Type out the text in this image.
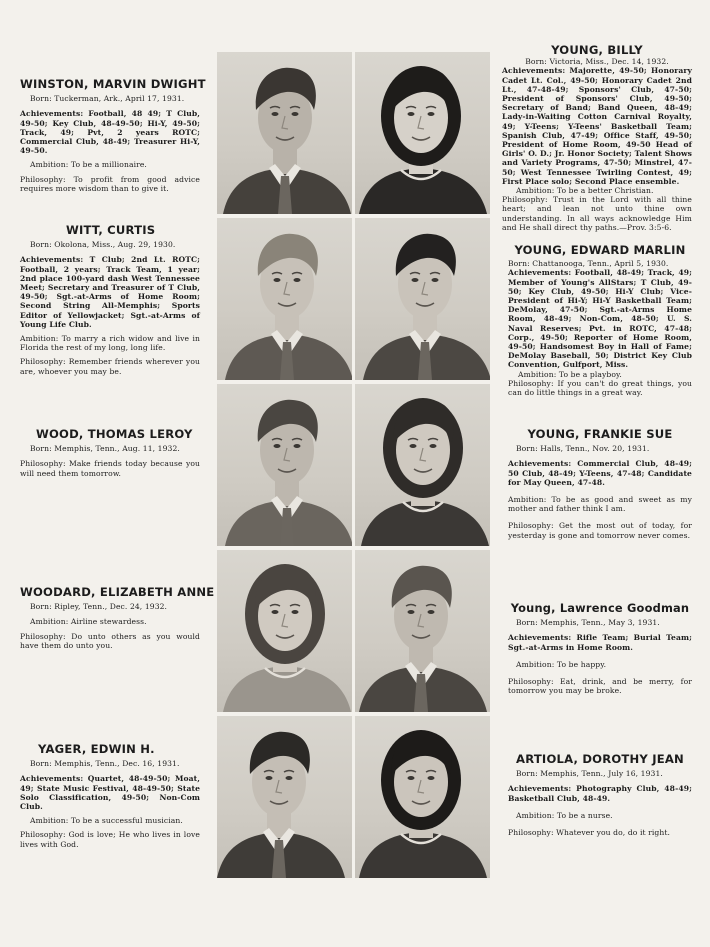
WINSTON, MARVIN DWIGHT

Born: Tuckerman, Ark., April 17, 1931.

Achievements: Football, 48 49; T Club, 49-50; Key Club, 48-49-50; Hi-Y, 49-50; Track, 49; Pvt, 2 years ROTC; Commercial Club, 48-49; Treasurer Hi-Y, 49-50.

Ambition: To be a millionaire.

Philosophy: To profit from good advice requires more wisdom than to give it.

WITT, CURTIS

Born: Okolona, Miss., Aug. 29, 1930.

Achievements: T Club; 2nd Lt. ROTC; Football, 2 years; Track Team, 1 year; 2nd place 100-yard dash West Tennessee Meet; Secretary and Treasurer of T Club, 49-50; Sgt.-at-Arms of Home Room; Second String All-Memphis; Sports Editor of Yellowjacket; Sgt.-at-Arms of Young Life Club.

Ambition: To marry a rich widow and live in Florida the rest of my long, long life.

Philosophy: Remember friends wherever you are, whoever you may be.

WOOD, THOMAS LEROY

Born: Memphis, Tenn., Aug. 11, 1932.

Philosophy: Make friends today because you will need them tomorrow.

WOODARD, ELIZABETH ANNE

Born: Ripley, Tenn., Dec. 24, 1932.

Ambition: Airline stewardess.

Philosophy: Do unto others as you would have them do unto you.

YAGER, EDWIN H.

Born: Memphis, Tenn., Dec. 16, 1931.

Achievements: Quartet, 48-49-50; Moat, 49; State Music Festival, 48-49-50; State Solo Classification, 49-50; Non-Com Club.

Ambition: To be a successful musician.

Philosophy: God is love; He who lives in love lives with God.

YOUNG, BILLY

Born: Victoria, Miss., Dec. 14, 1932.

Achievements: Majorette, 49-50; Honorary Cadet Lt. Col., 49-50; Honorary Cadet 2nd Lt., 47-48-49; Sponsors' Club, 47-50; President of Sponsors' Club, 49-50; Secretary of Band; Band Queen, 48-49; Lady-in-Waiting Cotton Carnival Royalty, 49; Y-Teens; Y-Teens' Basketball Team; Spanish Club, 47-49; Office Staff, 49-50; President of Home Room, 49-50 Head of Girls' O. D.; Jr. Honor Society; Talent Shows and Variety Programs, 47-50; Minstrel, 47-50; West Tennessee Twirling Contest, 49; First Place solo; Second Place ensemble.

Ambition: To be a better Christian.

Philosophy: Trust in the Lord with all thine heart; and lean not unto thine own understanding. In all ways acknowledge Him and He shall direct thy paths.—Prov. 3:5-6.

YOUNG, EDWARD MARLIN

Born: Chattanooga, Tenn., April 5, 1930.

Achievements: Football, 48-49; Track, 49; Member of Young's AllStars; T Club, 49-50; Key Club, 49-50; Hi-Y Club; Vice-President of Hi-Y; Hi-Y Basketball Team; DeMolay, 47-50; Sgt.-at-Arms Home Room, 48-49; Non-Com, 48-50; U. S. Naval Reserves; Pvt. in ROTC, 47-48; Corp., 49-50; Reporter of Home Room, 49-50; Handsomest Boy in Hall of Fame; DeMolay Baseball, 50; District Key Club Convention, Gulfport, Miss.

Ambition: To be a playboy.

Philosophy: If you can't do great things, you can do little things in a great way.

YOUNG, FRANKIE SUE

Born: Halls, Tenn., Nov. 20, 1931.

Achievements: Commercial Club, 48-49; 50 Club, 48-49; Y-Teens, 47-48; Candidate for May Queen, 47-48.

Ambition: To be as good and sweet as my mother and father think I am.

Philosophy: Get the most out of today, for yesterday is gone and tomorrow never comes.

Young, Lawrence Goodman

Born: Memphis, Tenn., May 3, 1931.

Achievements: Rifle Team; Burial Team; Sgt.-at-Arms in Home Room.

Ambition: To be happy.

Philosophy: Eat, drink, and be merry, for tomorrow you may be broke.

ARTIOLA, DOROTHY JEAN

Born: Memphis, Tenn., July 16, 1931.

Achievements: Photography Club, 48-49; Basketball Club, 48-49.

Ambition: To be a nurse.

Philosophy: Whatever you do, do it right.
